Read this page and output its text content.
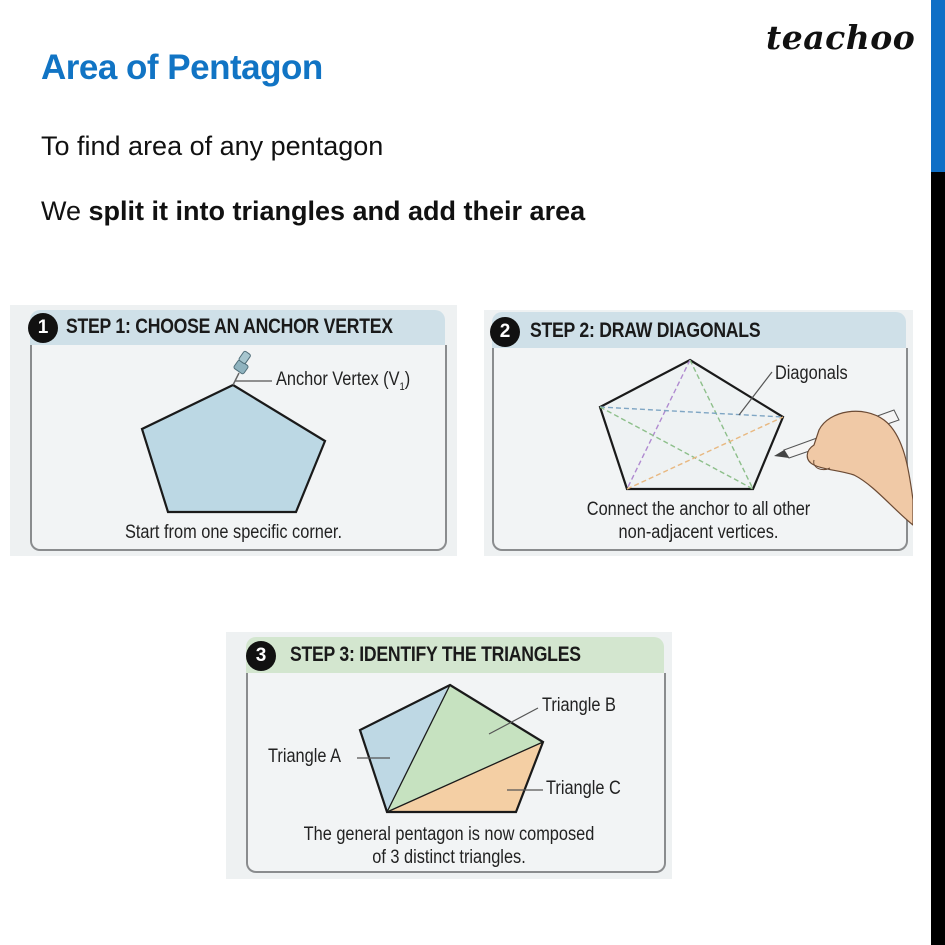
teachoo
Area of Pentagon
To find area of any pentagon
We split it into triangles and add their area
1 STEP 1: CHOOSE AN ANCHOR VERTEX
Anchor Vertex $(V_1)$
Start from one specific corner.
2 STEP 2: DRAW DIAGONALS
Diagonals
Connect the anchor to all other
non-adjacent vertices.
3	STEP 3: IDENTIFY THE TRIANGLES
Triangle A
Triangle B
Triangle C
The general pentagon is now composed
of 3 distinct triangles.
